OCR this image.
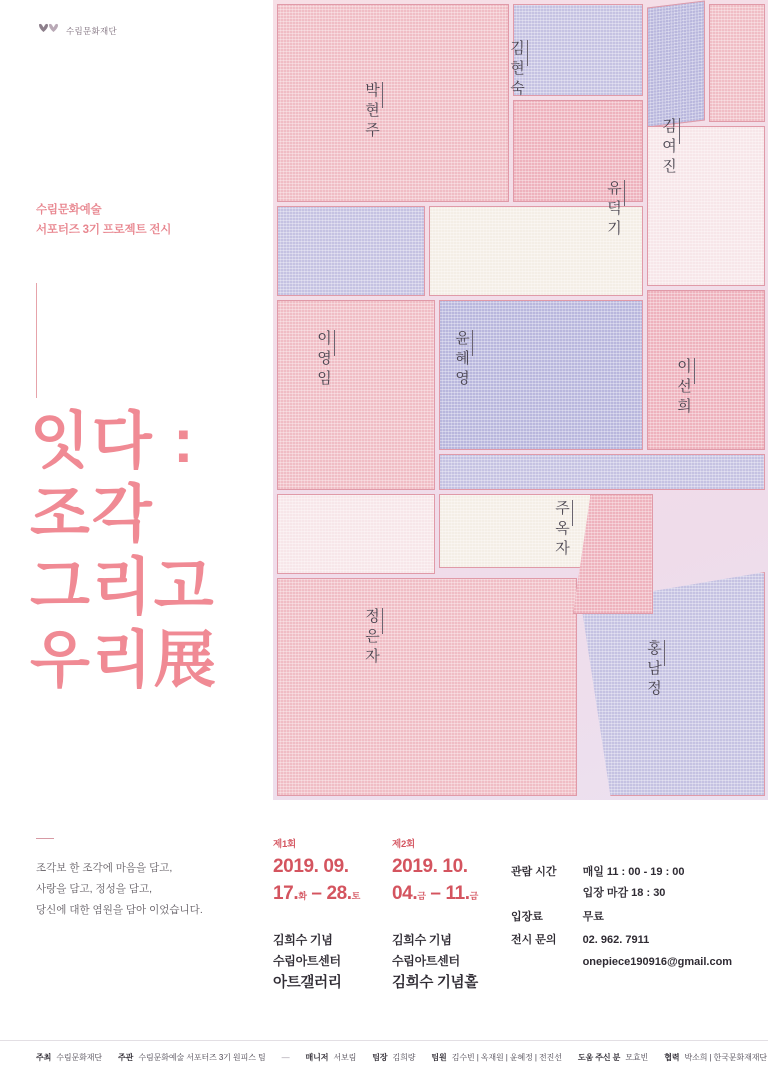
수림문화재단
수림문화예술
서포터즈 3기 프로젝트 전시
잇다 :
조각
그리고
우리展
조각보 한 조각에 마음을 담고,
사랑을 담고, 정성을 담고,
당신에 대한 염원을 담아 이었습니다.
박현주
김현숙
김여진
유덕기
이영임	윤혜영	이선희
주옥자
정은자
홍남정
제1회
2019. 09.
17.화 – 28.토
김희수 기념
수림아트센터
아트갤러리
제2회
2019. 10.
04.금 – 11.금
김희수 기념
수림아트센터
김희수 기념홀
관람 시간	매일 11 : 00 - 19 : 00
입장 마감 18 : 30

입장료	무료
전시 문의	02. 962. 7911
onepiece190916@gmail.com
주최 수림문화재단 주관 수림문화예술 서포터즈 3기 원피스 팀 — 매니저 서보림 팀장 김희량 팀원 김수빈 | 옥재원 | 윤혜정 | 전진선 도움 주신 분 모효빈 협력 박소희 | 한국문화재재단
